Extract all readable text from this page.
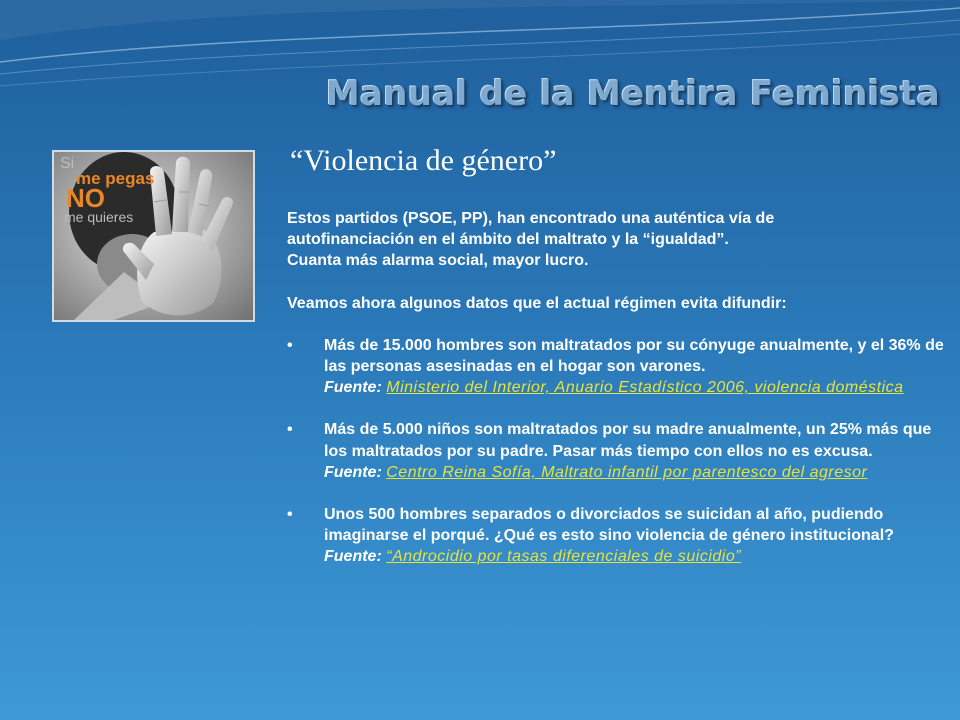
Manual de la Mentira Feminista
Si
me pegas
NO
me quieres
“Violencia de género”

Estos partidos (PSOE, PP), han encontrado una auténtica vía de

autofinanciación en el ámbito del maltrato y la “igualdad”.

Cuanta más alarma social, mayor lucro.

Veamos ahora algunos datos que el actual régimen evita difundir:

• Más de 15.000 hombres son maltratados por su cónyuge anualmente, y el 36% de las personas asesinadas en el hogar son varones.
Fuente: Ministerio del Interior, Anuario Estadístico 2006, violencia doméstica
• Más de 5.000 niños son maltratados por su madre anualmente, un 25% más que los maltratados por su padre. Pasar más tiempo con ellos no es excusa.
Fuente: Centro Reina Sofía, Maltrato infantil por parentesco del agresor
• Unos 500 hombres separados o divorciados se suicidan al año, pudiendo imaginarse el porqué. ¿Qué es esto sino violencia de género institucional?
Fuente: “Androcidio por tasas diferenciales de suicidio”
